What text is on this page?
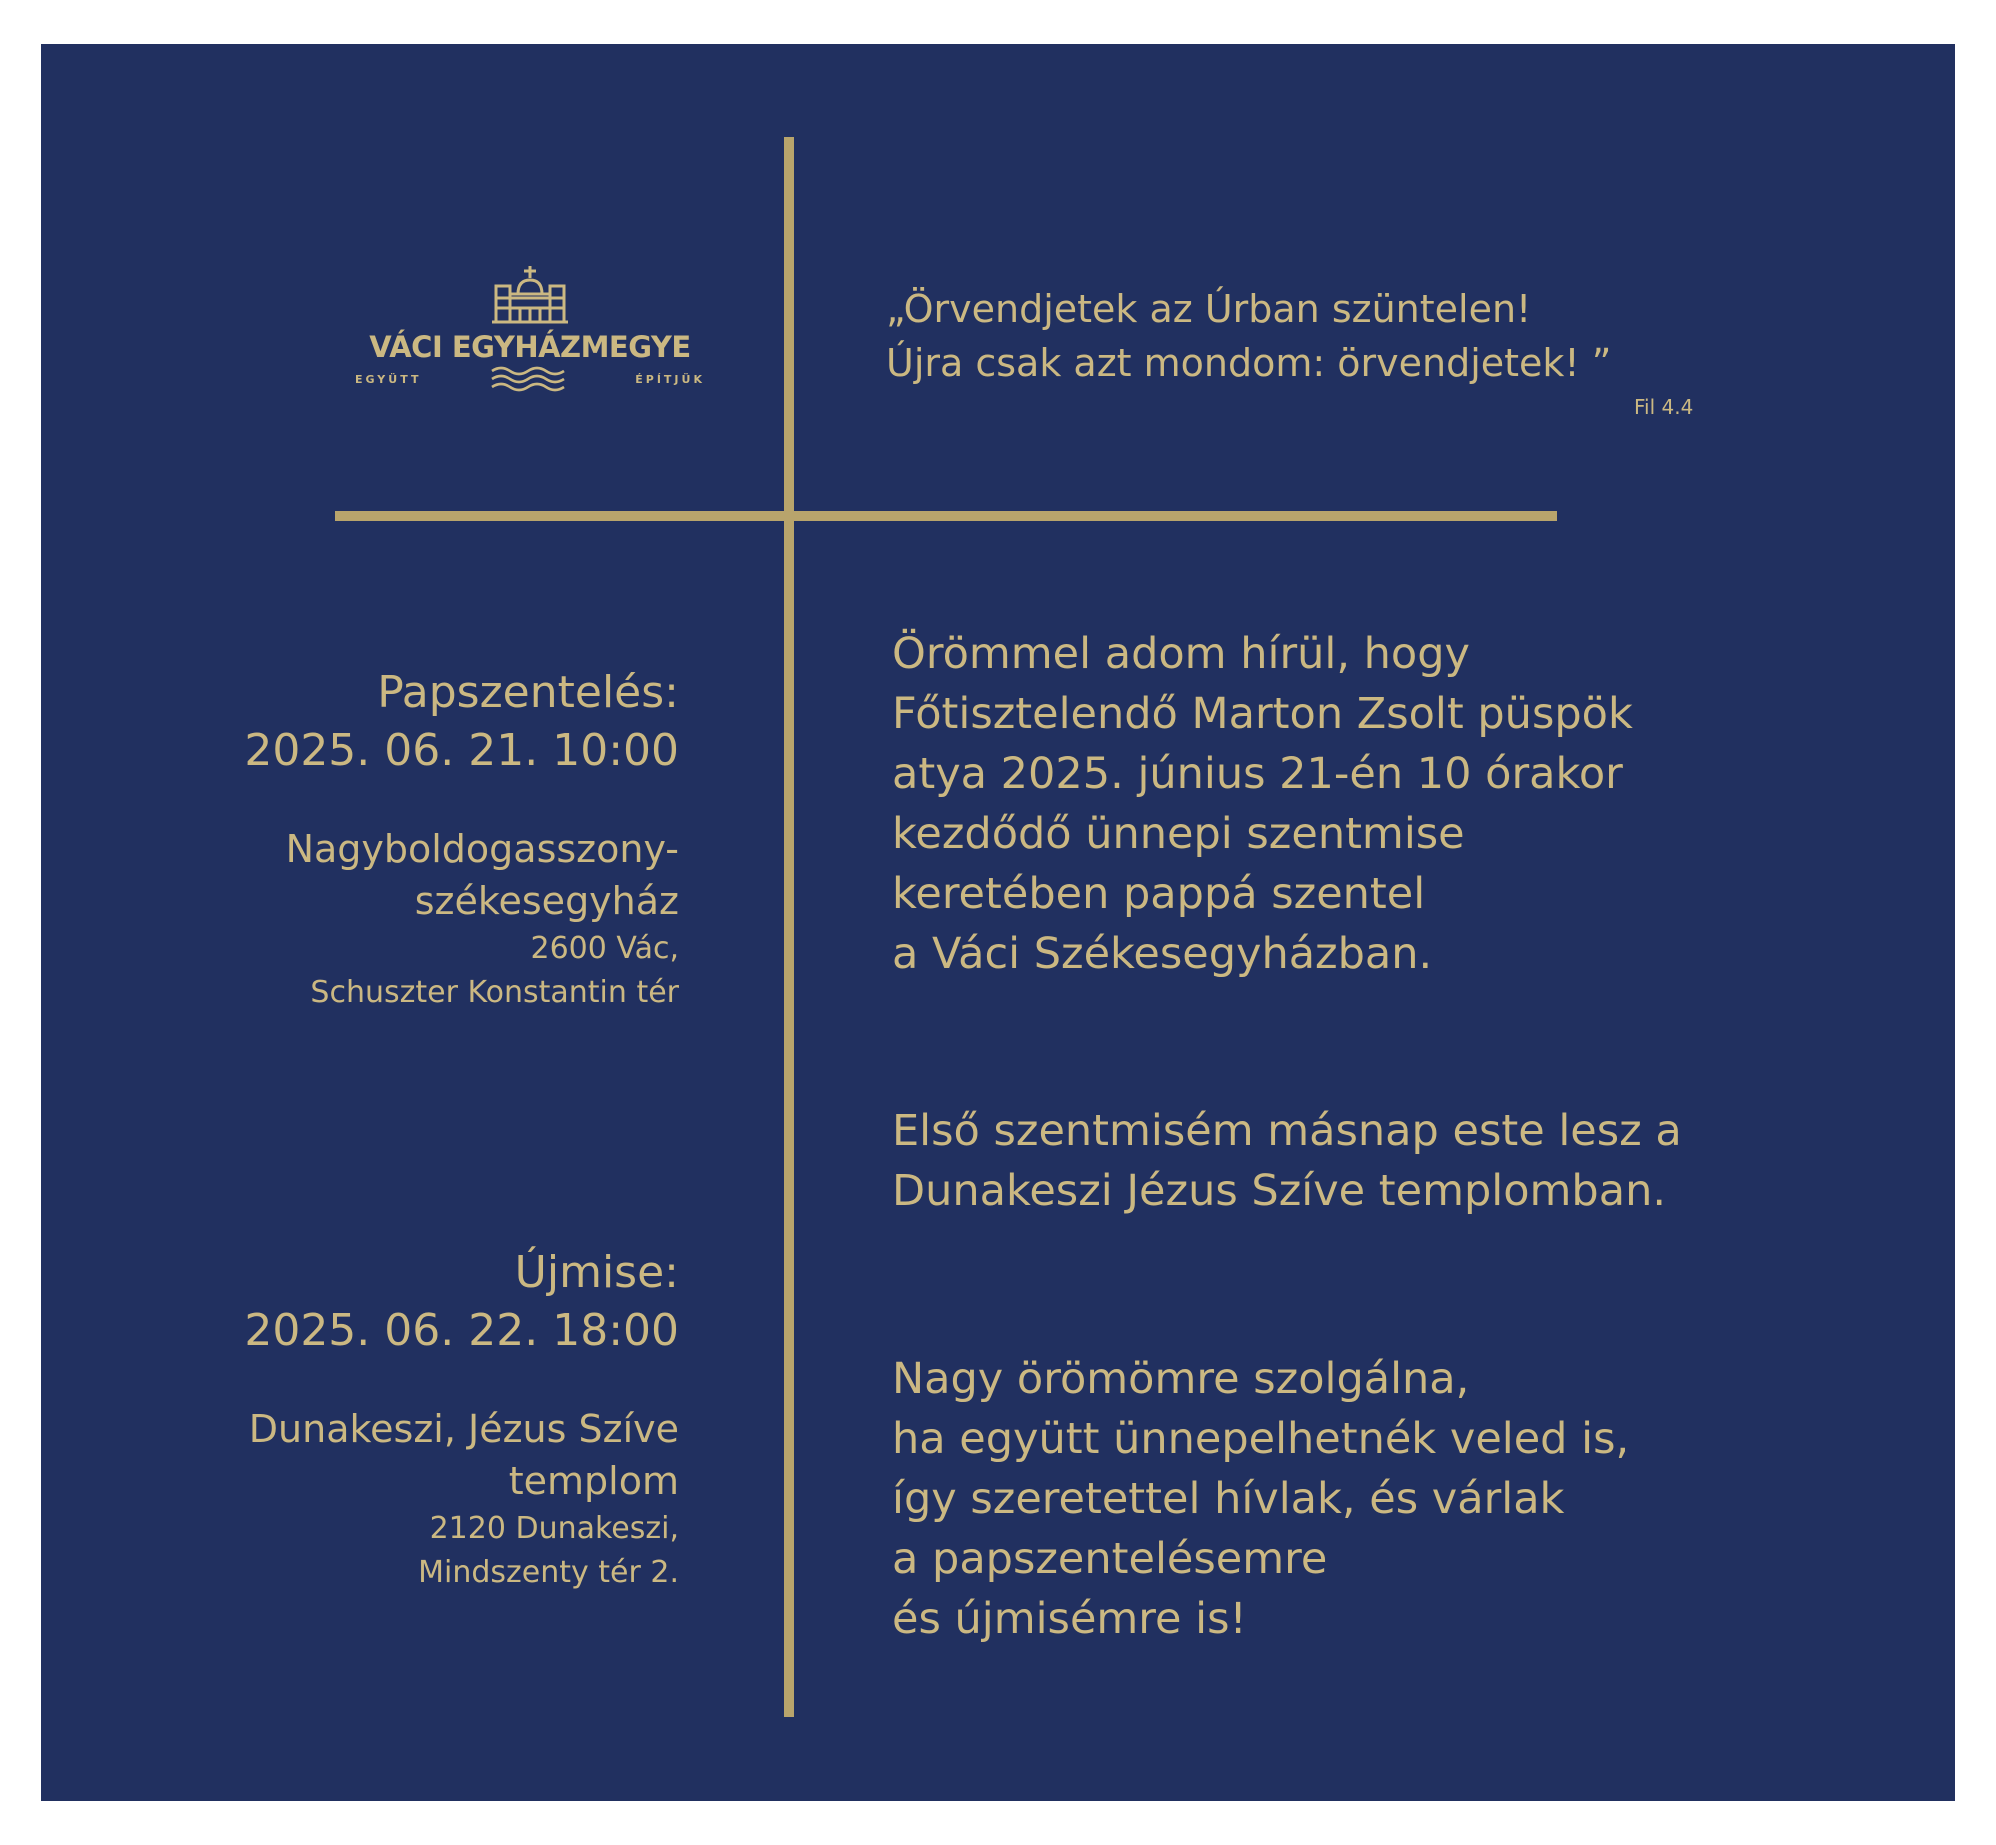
VÁCI EGYHÁZMEGYE
EGYÜTT	ÉPÍTJÜK
„Örvendjetek az Úrban szüntelen!
Újra csak azt mondom: örvendjetek! ”
Fil 4.4
Papszentelés:
2025. 06. 21. 10:00
Nagyboldogasszony-
székesegyház
2600 Vác,
Schuszter Konstantin tér
Újmise:
2025. 06. 22. 18:00
Dunakeszi, Jézus Szíve
templom
2120 Dunakeszi,
Mindszenty tér 2.
Örömmel adom hírül, hogy
Főtisztelendő Marton Zsolt püspök
atya 2025. június 21-én 10 órakor
kezdődő ünnepi szentmise
keretében pappá szentel
a Váci Székesegyházban.
Első szentmisém másnap este lesz a
Dunakeszi Jézus Szíve templomban.
Nagy örömömre szolgálna,
ha együtt ünnepelhetnék veled is,
így szeretettel hívlak, és várlak
a papszentelésemre
és újmisémre is!
